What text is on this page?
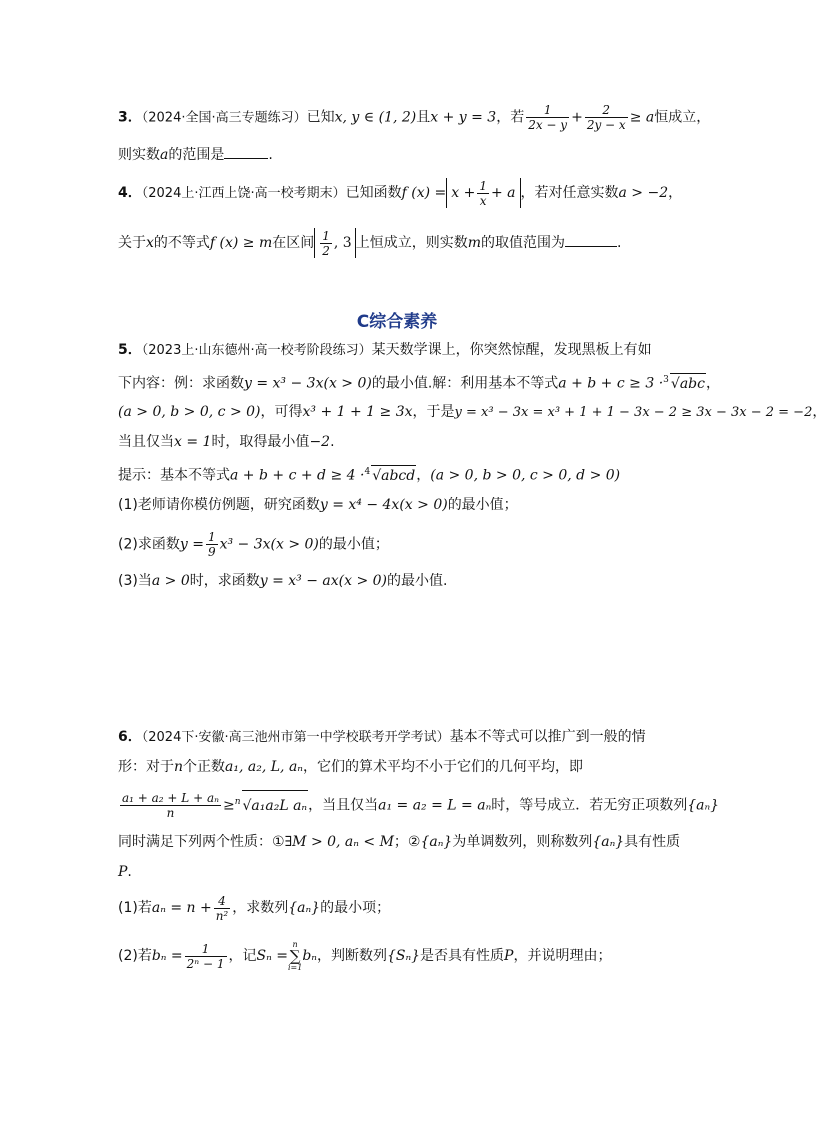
3．（2024·全国·高三专题练习）已知x, y ∈ (1, 2)且x + y = 3，若 $\frac{1}{2x - y} + \frac{2}{2y - x} \ge a$恒成立，
则实数a的范围是	.
4．（2024上·江西上饶·高一校考期末）已知函数f $(x) = x + \frac{1}{x} + a$ ，若对任意实数a > −2，
关于x的不等式f (x) ≥ m在区间 $\frac{1}{2}$ , 3 上恒成立，则实数m的取值范围为	.
C综合素养
5．（2023上·山东德州·高一校考阶段练习）某天数学课上，你突然惊醒，发现黑板上有如
下内容：例：求函数y = x³ − 3x(x > 0)的最小值.解：利用基本不等式a + b + c ≥ 3 ·$^3$ √abc，
(a > 0, b > 0, c > 0)，可得x³ + 1 + 1 ≥ 3x，于是y = x³ − 3x = x³ + 1 + 1 − 3x − 2 ≥ 3x − 3x − 2 = −2，
当且仅当x = 1时，取得最小值−2.
提示：基本不等式a + b + c + d ≥ 4 ·$^4$ √abcd，(a > 0, b > 0, c > 0, d > 0)
(1)老师请你模仿例题，研究函数y = x⁴ − 4x(x > 0)的最小值；
(2)求函数$y = \frac{1}{9} x^3 - 3x(x > 0)$的最小值；
(3)当a > 0时，求函数y = x³ − ax(x > 0)的最小值.
6．（2024下·安徽·高三池州市第一中学校联考开学考试）基本不等式可以推广到一般的情
形：对于n个正数a₁, a₂, L, aₙ，它们的算术平均不小于它们的几何平均，即
$\frac{\text{a₁ + a₂ + L + aₙ}}{n} \ge^n$ √a₁a₂L aₙ，当且仅当a₁ = a₂ = L = aₙ时，等号成立．若无穷正项数列{aₙ}
同时满足下列两个性质：①∃M > 0, aₙ < M；②{aₙ}为单调数列，则称数列{aₙ}具有性质
P.
(1)若$a_n = n + \frac{4}{\text{n²}}$ ，求数列{aₙ}的最小项；
(2)若$b_n = \frac{1}{\text{2ⁿ − 1}}$ ，记Sₙ =
n
∑
i=1
bₙ，判断数列{Sₙ}是否具有性质P，并说明理由；
